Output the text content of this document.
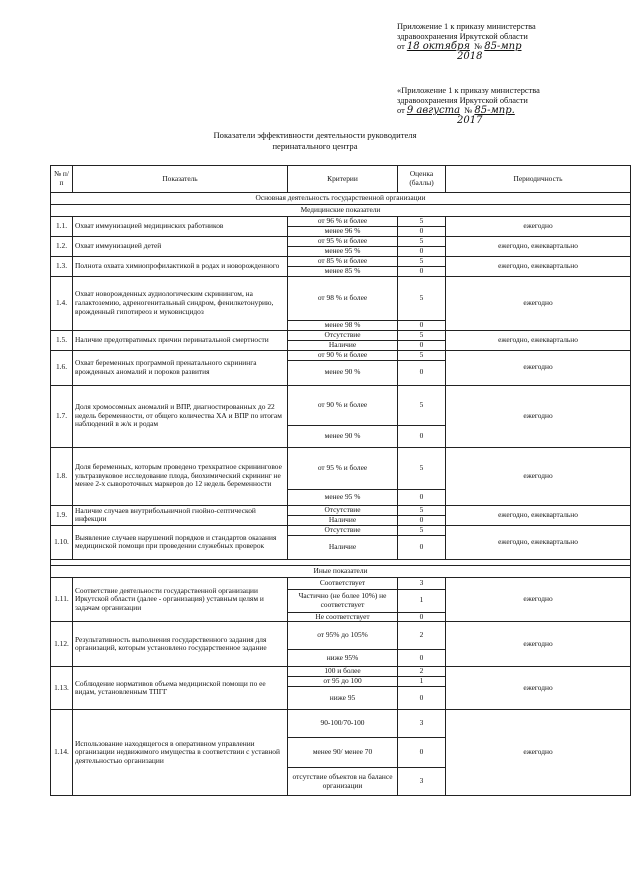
Приложение 1 к приказу министерства
здравоохранения Иркутской области
от 18 октября № 85-мпр
2018
«Приложение 1 к приказу министерства
здравоохранения Иркутской области
от 9 августа № 85-мпр.
2017
Показатели эффективности деятельности руководителя
перинатального центра
№ п/п	Показатель	Критерии	Оценка (баллы)	Периодичность
Основная деятельность государственной организации				
Медицинские показатели				
1.1.	Охват иммунизацией медицинских работников	от 96 % и более	5	ежегодно
		менее 96 %	0	
1.2.	Охват иммунизацией детей	от 95 % и более	5	ежегодно, ежеквартально
		менее 95 %	0	
1.3.	Полнота охвата химиопрофилактикой в родах и новорожденного	от 85 % и более	5	ежегодно, ежеквартально
		менее 85 %	0	
1.4.	Охват новорожденных аудиологическим скринингом, на галактоземию, адреногенитальный синдром, фенилкетонурию, врожденный гипотиреоз и муковисцидоз	от 98 % и более	5	ежегодно
		менее 98 %	0	
1.5.	Наличие предотвратимых причин перинатальной смертности	Отсутствие	5	ежегодно, ежеквартально
		Наличие	0	
1.6.	Охват беременных программой пренатального скрининга врожденных аномалий и пороков развития	от 90 % и более	5	ежегодно
		менее 90 %	0	
1.7.	Доля хромосомных аномалий и ВПР, диагностированных до 22 недель беременности, от общего количества ХА и ВПР по итогам наблюдений в ж/к и родам	от 90 % и более	5	ежегодно
		менее 90 %	0	
1.8.	Доля беременных, которым проведено трехкратное скрининговое ультразвуковое исследование плода, биохимический скрининг не менее 2-х сывороточных маркеров до 12 недель беременности	от 95 % и более	5	ежегодно
		менее 95 %	0	
1.9.	Наличие случаев внутрибольничной гнойно-септической инфекции	Отсутствие	5	ежегодно, ежеквартально
		Наличие	0	
1.10.	Выявление случаев нарушений порядков и стандартов оказания медицинской помощи при проведении служебных проверок	Отсутствие	5	ежегодно, ежеквартально
		Наличие	0	

Иные показатели				
1.11.	Соответствие деятельности государственной организации Иркутской области (далее - организация) уставным целям и задачам организации	Соответствует	3	ежегодно
		Частично (не более 10%) не соответствует	1	
		Не соответствует	0	
1.12.	Результативность выполнения государственного задания для организаций, которым установлено государственное задание	от 95% до 105%	2	ежегодно
		ниже 95%	0	
1.13.	Соблюдение нормативов объема медицинской помощи по ее видам, установленным ТПГГ	100 и более	2	ежегодно
		от 95 до 100	1	
		ниже 95	0	
1.14.	Использование находящегося в оперативном управлении организации недвижимого имущества в соответствии с уставной деятельностью организации	90-100/70-100	3	ежегодно
		менее 90/ менее 70	0	
		отсутствие объектов на балансе организации	3	
